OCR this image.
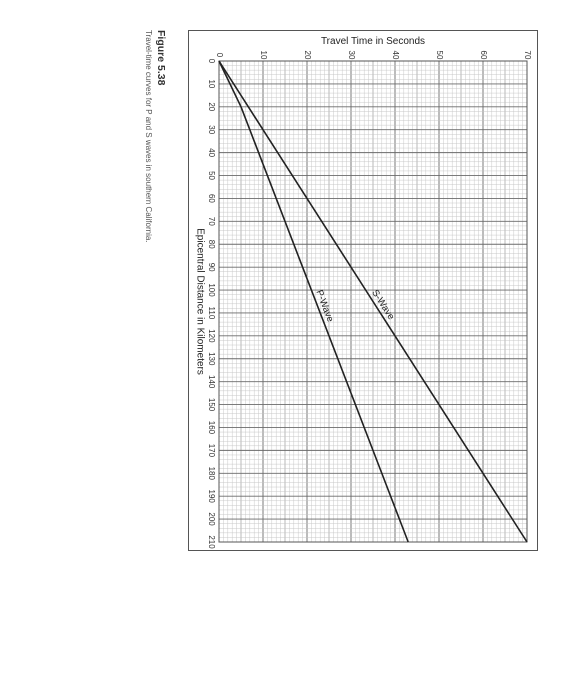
Figure 5.38
Travel-time curves for P and S waves in southern California.	0	10	20	30	40	50	60	70
0
10
20
30
40
50
60
70
80
90
100
110
120
130
140
150
160
170
180
190
200
210
Travel Time in Seconds
Epicentral Distance in Kilometers	S-Wave
P-Wave
